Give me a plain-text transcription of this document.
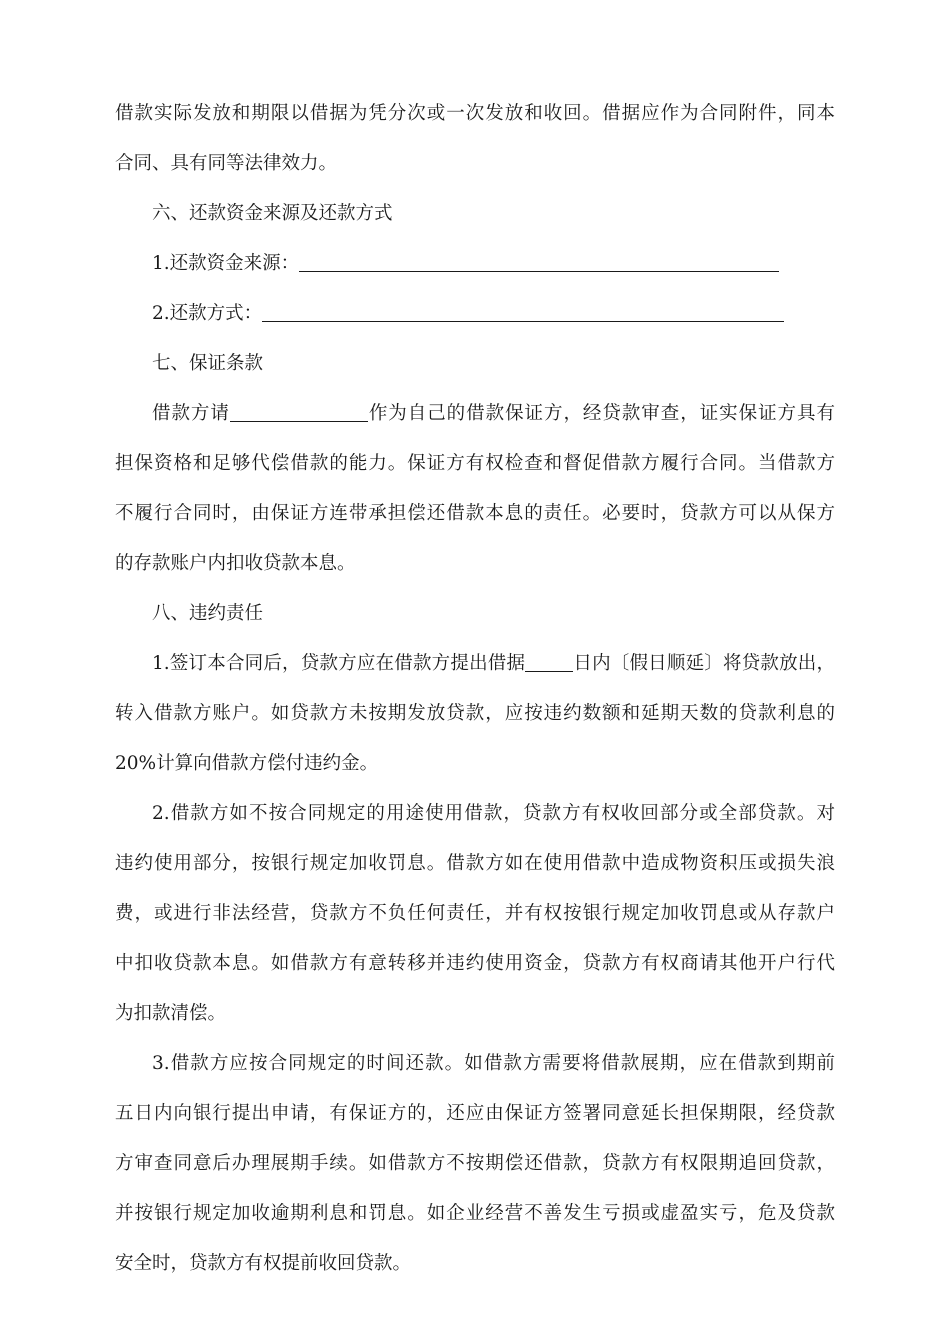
借款实际发放和期限以借据为凭分次或一次发放和收回。借据应作为合同附件，同本
合同、具有同等法律效力。
六、还款资金来源及还款方式
1.还款资金来源：
2.还款方式：
七、保证条款
借款方请	作为自己的借款保证方，经贷款审查，证实保证方具有
担保资格和足够代偿借款的能力。保证方有权检查和督促借款方履行合同。当借款方
不履行合同时，由保证方连带承担偿还借款本息的责任。必要时，贷款方可以从保方
的存款账户内扣收贷款本息。
八、违约责任
1.签订本合同后，贷款方应在借款方提出借据	日内〔假日顺延〕将贷款放出，
转入借款方账户。如贷款方未按期发放贷款，应按违约数额和延期天数的贷款利息的
20%计算向借款方偿付违约金。
2.借款方如不按合同规定的用途使用借款，贷款方有权收回部分或全部贷款。对
违约使用部分，按银行规定加收罚息。借款方如在使用借款中造成物资积压或损失浪
费，或进行非法经营，贷款方不负任何责任，并有权按银行规定加收罚息或从存款户
中扣收贷款本息。如借款方有意转移并违约使用资金，贷款方有权商请其他开户行代
为扣款清偿。
3.借款方应按合同规定的时间还款。如借款方需要将借款展期，应在借款到期前
五日内向银行提出申请，有保证方的，还应由保证方签署同意延长担保期限，经贷款
方审查同意后办理展期手续。如借款方不按期偿还借款，贷款方有权限期追回贷款，
并按银行规定加收逾期利息和罚息。如企业经营不善发生亏损或虚盈实亏，危及贷款
安全时，贷款方有权提前收回贷款。
